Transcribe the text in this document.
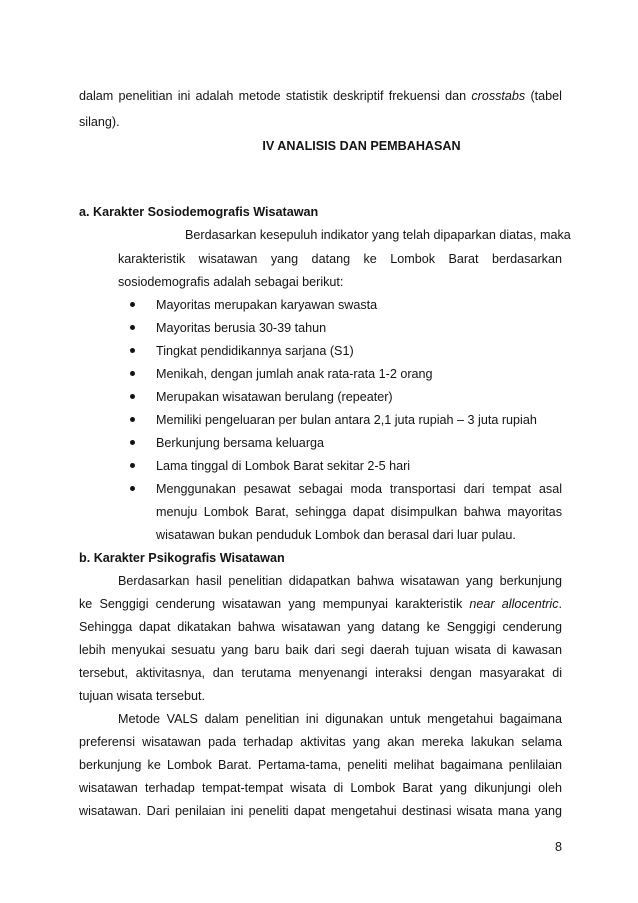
dalam penelitian ini adalah metode statistik deskriptif frekuensi dan crosstabs (tabel
silang).
IV ANALISIS DAN PEMBAHASAN
a. Karakter Sosiodemografis Wisatawan
Berdasarkan kesepuluh indikator yang telah dipaparkan diatas, maka
karakteristik wisatawan yang datang ke Lombok Barat berdasarkan
sosiodemografis adalah sebagai berikut:
Mayoritas merupakan karyawan swasta
Mayoritas berusia 30-39 tahun
Tingkat pendidikannya sarjana (S1)
Menikah, dengan jumlah anak rata-rata 1-2 orang
Merupakan wisatawan berulang (repeater)
Memiliki pengeluaran per bulan antara 2,1 juta rupiah – 3 juta rupiah
Berkunjung bersama keluarga
Lama tinggal di Lombok Barat sekitar 2-5 hari
Menggunakan pesawat sebagai moda transportasi dari tempat asal
menuju Lombok Barat, sehingga dapat disimpulkan bahwa mayoritas
wisatawan bukan penduduk Lombok dan berasal dari luar pulau.
b. Karakter Psikografis Wisatawan
Berdasarkan hasil penelitian didapatkan bahwa wisatawan yang berkunjung
ke Senggigi cenderung wisatawan yang mempunyai karakteristik near allocentric.
Sehingga dapat dikatakan bahwa wisatawan yang datang ke Senggigi cenderung
lebih menyukai sesuatu yang baru baik dari segi daerah tujuan wisata di kawasan
tersebut, aktivitasnya, dan terutama menyenangi interaksi dengan masyarakat di
tujuan wisata tersebut.
Metode VALS dalam penelitian ini digunakan untuk mengetahui bagaimana
preferensi wisatawan pada terhadap aktivitas yang akan mereka lakukan selama
berkunjung ke Lombok Barat. Pertama-tama, peneliti melihat bagaimana penlilaian
wisatawan terhadap tempat-tempat wisata di Lombok Barat yang dikunjungi oleh
wisatawan. Dari penilaian ini peneliti dapat mengetahui destinasi wisata mana yang
8
